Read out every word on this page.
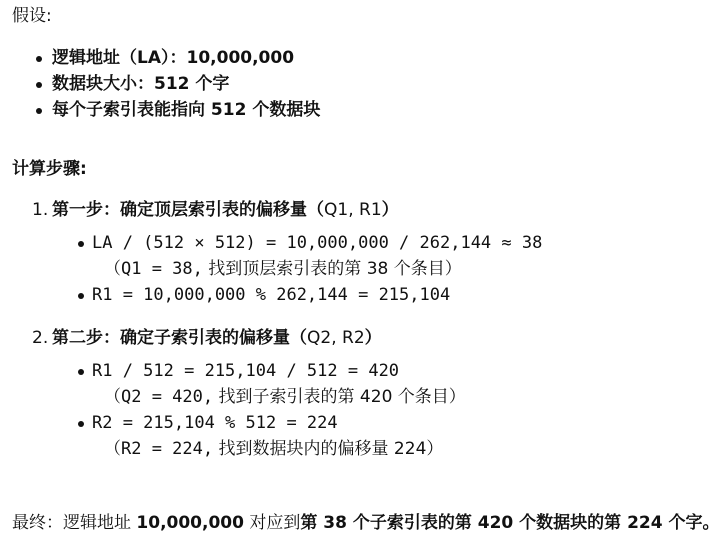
假设:
逻辑地址（LA）：10,000,000
数据块大小：512 个字
每个子索引表能指向 512 个数据块
计算步骤:
1. 第一步：确定顶层索引表的偏移量（Q1, R1）
LA / (512 × 512) = 10,000,000 / 262,144 ≈ 38
（Q1 = 38, 找到顶层索引表的第 38 个条目）
R1 = 10,000,000 % 262,144 = 215,104
2. 第二步：确定子索引表的偏移量（Q2, R2）
R1 / 512 = 215,104 / 512 = 420
（Q2 = 420, 找到子索引表的第 420 个条目）
R2 = 215,104 % 512 = 224
（R2 = 224, 找到数据块内的偏移量 224）
最终：逻辑地址 10,000,000 对应到第 38 个子索引表的第 420 个数据块的第 224 个字。
